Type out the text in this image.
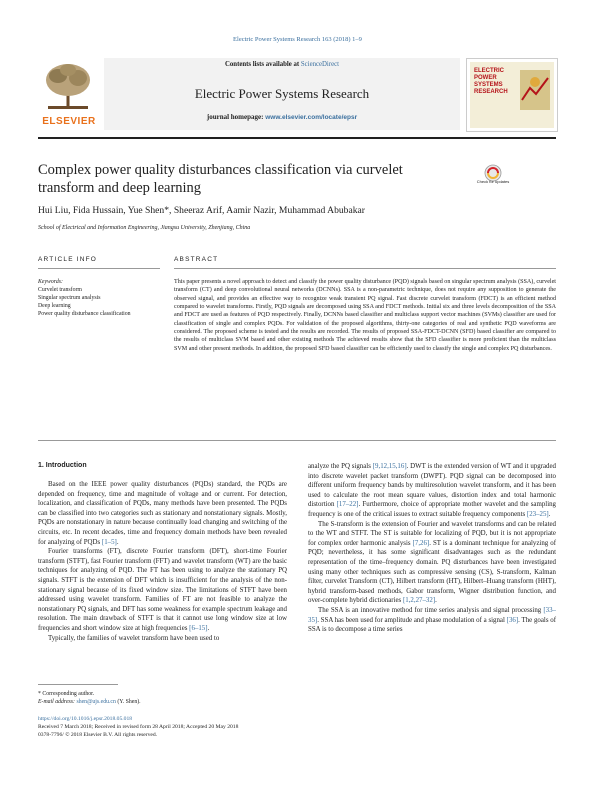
Electric Power Systems Research 163 (2018) 1–9
Contents lists available at ScienceDirect
Electric Power Systems Research
journal homepage: www.elsevier.com/locate/epsr
ELSEVIER
ELECTRIC POWER SYSTEMS RESEARCH
Complex power quality disturbances classification via curvelet transform and deep learning	Check for updates
Hui Liu, Fida Hussain, Yue Shen*, Sheeraz Arif, Aamir Nazir, Muhammad Abubakar
School of Electrical and Information Engineering, Jiangsu University, Zhenjiang, China
ARTICLE INFO	ABSTRACT
Keywords:
Curvelet transform
Singular spectrum analysis
Deep learning
Power quality disturbance classification
This paper presents a novel approach to detect and classify the power quality disturbance (PQD) signals based on singular spectrum analysis (SSA), curvelet transform (CT) and deep convolutional neural networks (DCNNs). SSA is a non-parametric technique, does not require any supposition to generate the observed signal, and provides an effective way to recognize weak transient PQ signal. Fast discrete curvelet transform (FDCT) is an efficient method compared to wavelet transforms. Firstly, PQD signals are decomposed using SSA and FDCT methods. Initial six and three levels decomposition of the SSA and FDCT are used as features of PQD respectively. Finally, DCNNs based classifier and multiclass support vector machines (SVMs) classifier are used for classification of single and complex PQDs. For validation of the proposed algorithms, thirty-one categories of real and synthetic PQD waveforms are considered. The proposed scheme is tested and the results are recorded. The results of proposed SSA-FDCT-DCNN (SFD) based classifier are compared to the results of multiclass SVM based and other existing methods The achieved results show that the SFD classifier is more proficient than the multiclass SVM and other present methods. In addition, the proposed SFD based classifier can be efficiently used to classify the single and complex PQ disturbances.
1. Introduction

Based on the IEEE power quality disturbances (PQDs) standard, the PQDs are depended on frequency, time and magnitude of voltage and or current. For detection, localization, and classification of PQDs, many methods have been presented. The PQDs can be classified into two categories such as stationary and nonstationary signals. Mostly, PQDs are nonstationary in nature because continually load changing and switching of the circuits, etc. In recent decades, time and frequency domain methods have been revealed for analyzing of PQDs [1–5].

Fourier transforms (FT), discrete Fourier transform (DFT), short-time Fourier transform (STFT), fast Fourier transform (FFT) and wavelet transform (WT) are the basic techniques for analyzing of PQD. The FT has been using to analyze the stationary PQ signals. STFT is the extension of DFT which is insufficient for the analysis of the non-stationary signal because of its fixed window size. The limitations of STFT have been addressed using wavelet transform. Families of FT are not feasible to analyze the nonstationary PQ signals, and DFT has some weakness for example spectrum leakage and resolution. The main drawback of STFT is that it cannot use long window size at low frequencies and short window size at high frequencies [6–15].

Typically, the families of wavelet transform have been used to

analyze the PQ signals [9,12,15,16]. DWT is the extended version of WT and it upgraded into discrete wavelet packet transform (DWPT). PQD signal can be decomposed into different uniform frequency bands by multiresolution wavelet transform, and it has been used to calculate the root mean square values, distortion index and total harmonic distortion [17–22]. Furthermore, choice of appropriate mother wavelet and the sampling frequency is one of the critical issues to extract suitable frequency components [23–25].

The S-transform is the extension of Fourier and wavelet transforms and can be related to the WT and STFT. The ST is suitable for localizing of PQD, but it is not appropriate for complex order harmonic analysis [7,26]. ST is a dominant technique for analyzing of PQD; nevertheless, it has some significant disadvantages such as the redundant representation of the time–frequency domain. PQ disturbances have been investigated using many other techniques such as compressive sensing (CS), S-transform, Kalman filter, curvelet Transform (CT), Hilbert transform (HT), Hilbert–Huang transform (HHT), hybrid transform-based methods, Gabor transform, Wigner distribution function, and over-complete hybrid dictionaries [1,2,27–32].

The SSA is an innovative method for time series analysis and signal processing [33–35]. SSA has been used for amplitude and phase modulation of a signal [36]. The goals of SSA is to decompose a time series

* Corresponding author.
E-mail address: shen@ujs.edu.cn (Y. Shen).
https://doi.org/10.1016/j.epsr.2018.05.018
Received 7 March 2018; Received in revised form 28 April 2018; Accepted 20 May 2018
0378-7796/ © 2018 Elsevier B.V. All rights reserved.
